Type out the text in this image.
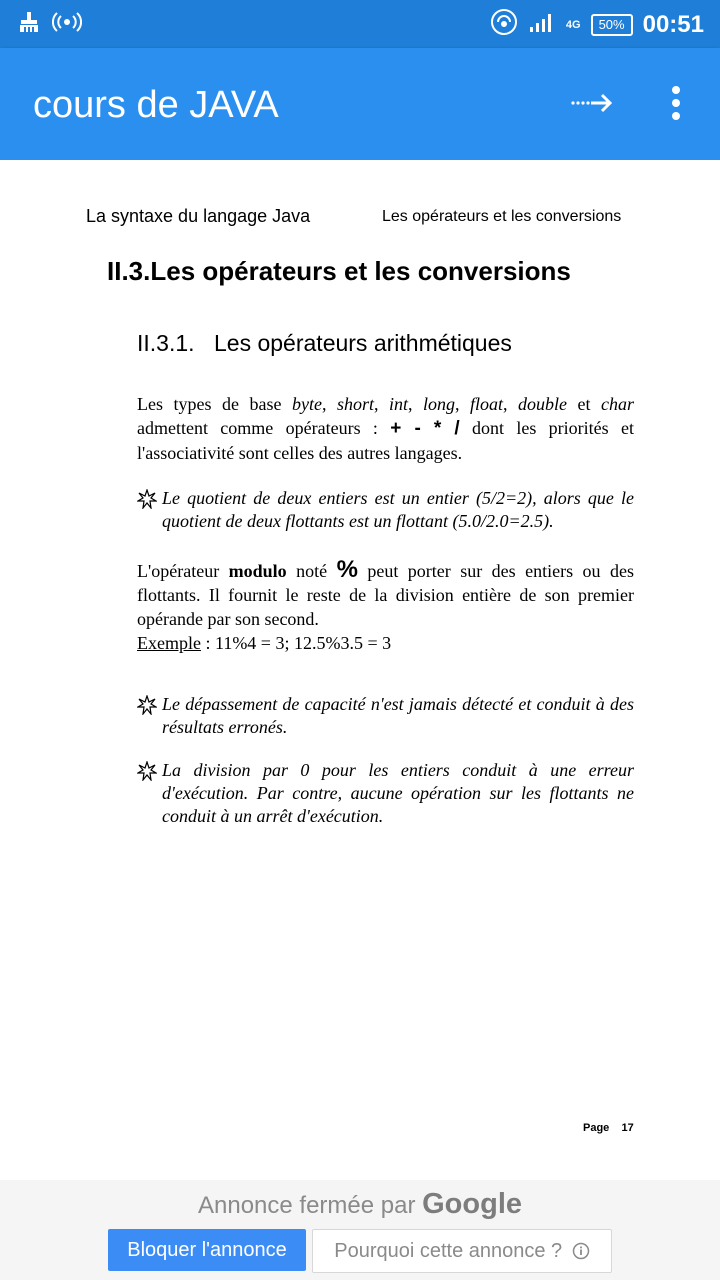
4G	50% 00:51
cours de JAVA
La syntaxe du langage Java	Les opérateurs et les conversions
II.3.Les opérateurs et les conversions
II.3.1. Les opérateurs arithmétiques
Les types de base byte, short, int, long, float, double et char admettent comme opérateurs : + - * / dont les priorités et l'associativité sont celles des autres langages.
Le quotient de deux entiers est un entier (5/2=2), alors que le quotient de deux flottants est un flottant (5.0/2.0=2.5).
L'opérateur modulo noté % peut porter sur des entiers ou des flottants. Il fournit le reste de la division entière de son premier opérande par son second.
Exemple : 11%4 = 3; 12.5%3.5 = 3
Le dépassement de capacité n'est jamais détecté et conduit à des résultats erronés.
La division par 0 pour les entiers conduit à une erreur d'exécution. Par contre, aucune opération sur les flottants ne conduit à un arrêt d'exécution.
Page 17
Annonce fermée par Google
Bloquer l'annonce	Pourquoi cette annonce ?
